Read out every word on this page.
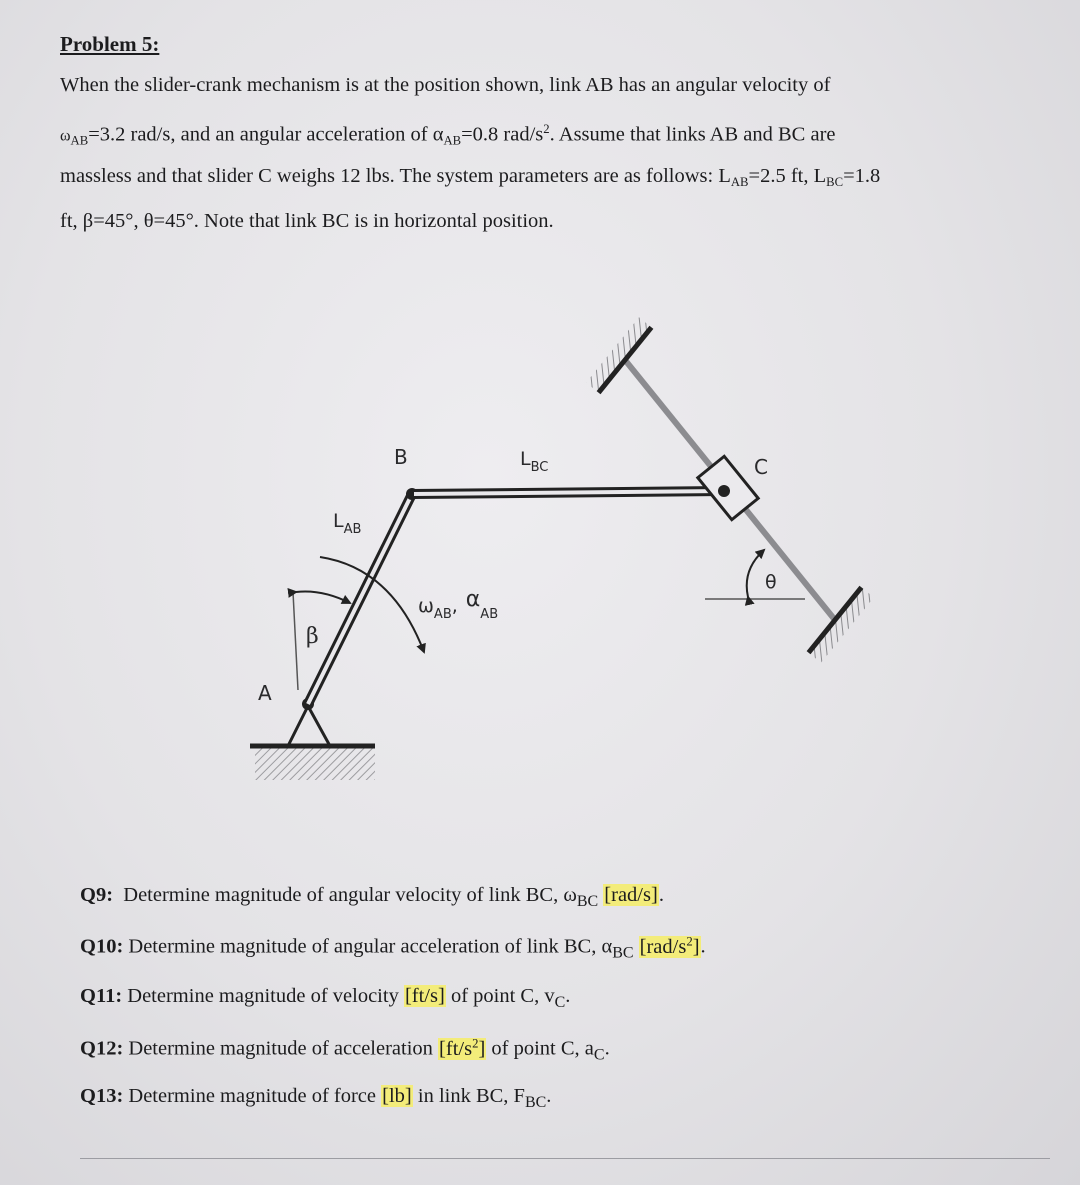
Problem 5:
When the slider-crank mechanism is at the position shown, link AB has an angular velocity of
$\omega_{AB}=3.2$ rad/s, and an angular acceleration of $\alpha_{AB}=0.8$ rad/$s^2$. Assume that links AB and BC are
massless and that slider C weighs 12 lbs. The system parameters are as follows: $L_{AB}=2.5$ ft, $L_{BC}=1.8$
ft, β=45°, θ=45°. Note that link BC is in horizontal position.
A
B	C
$L_{AB}$
$L_{BC}$
β
θ
$\omega_{AB}$, $\alpha_{AB}$
Q9: Determine magnitude of angular velocity of link BC, $\omega_{BC}$ [rad/s].
Q10: Determine magnitude of angular acceleration of link BC, $\alpha_{BC}$ $[rad/s^2]$.
Q11: Determine magnitude of velocity [ft/s] of point C, $v_C$.
Q12: Determine magnitude of acceleration $[ft/s^2]$ of point C, $a_C$.
Q13: Determine magnitude of force [lb] in link BC, $F_{BC}$.
